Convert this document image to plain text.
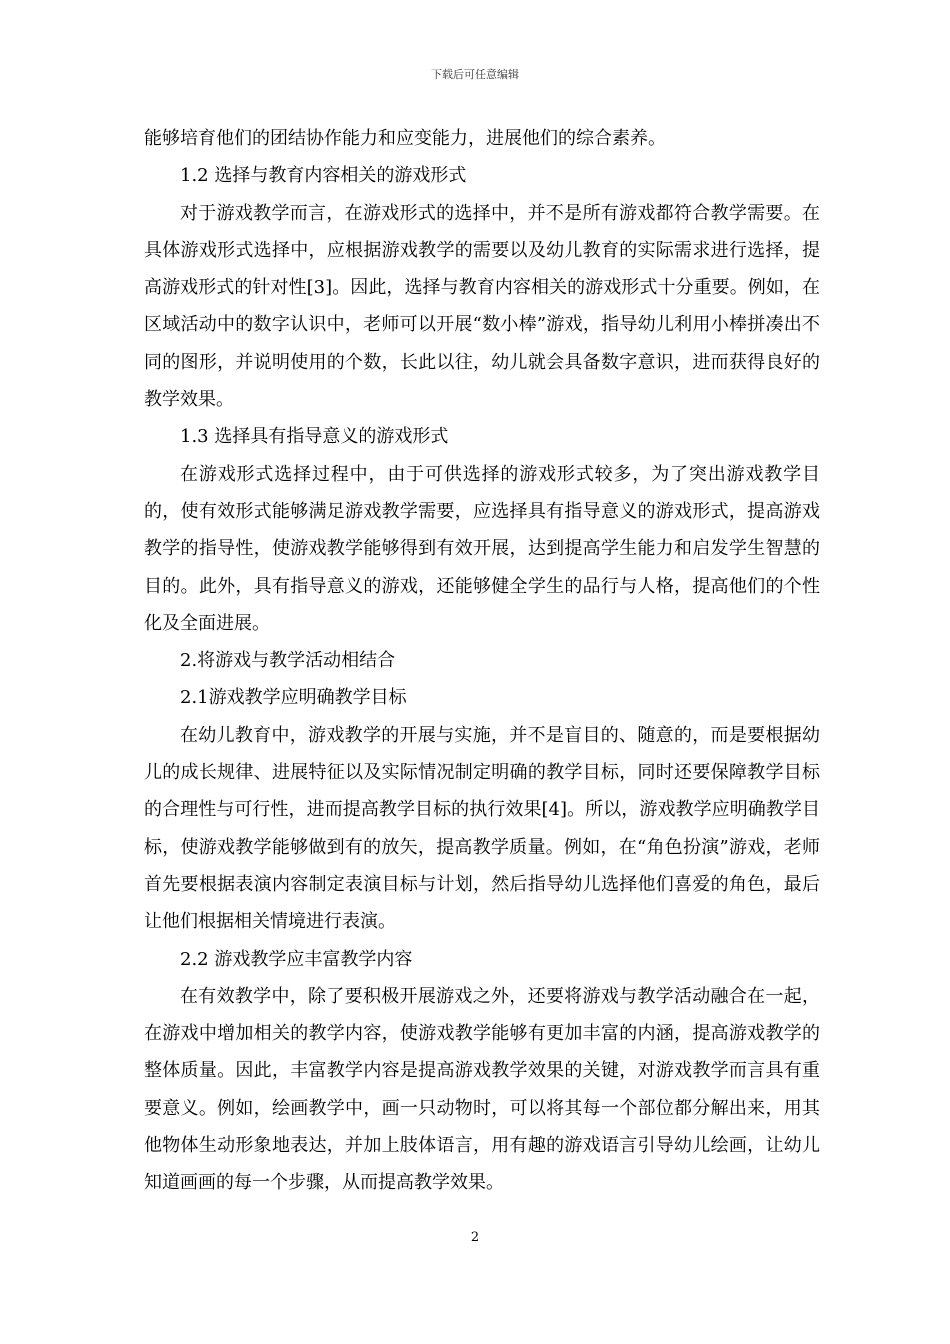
下载后可任意编辑

能够培育他们的团结协作能力和应变能力，进展他们的综合素养。

1.2 选择与教育内容相关的游戏形式

对于游戏教学而言，在游戏形式的选择中，并不是所有游戏都符合教学需要。在具体游戏形式选择中，应根据游戏教学的需要以及幼儿教育的实际需求进行选择，提高游戏形式的针对性[3]。因此，选择与教育内容相关的游戏形式十分重要。例如，在区域活动中的数字认识中，老师可以开展“数小棒”游戏，指导幼儿利用小棒拼凑出不同的图形，并说明使用的个数，长此以往，幼儿就会具备数字意识，进而获得良好的教学效果。

1.3 选择具有指导意义的游戏形式

在游戏形式选择过程中，由于可供选择的游戏形式较多，为了突出游戏教学目的，使有效形式能够满足游戏教学需要，应选择具有指导意义的游戏形式，提高游戏教学的指导性，使游戏教学能够得到有效开展，达到提高学生能力和启发学生智慧的目的。此外，具有指导意义的游戏，还能够健全学生的品行与人格，提高他们的个性化及全面进展。

2.将游戏与教学活动相结合

2.1游戏教学应明确教学目标

在幼儿教育中，游戏教学的开展与实施，并不是盲目的、随意的，而是要根据幼儿的成长规律、进展特征以及实际情况制定明确的教学目标，同时还要保障教学目标的合理性与可行性，进而提高教学目标的执行效果[4]。所以，游戏教学应明确教学目标，使游戏教学能够做到有的放矢，提高教学质量。例如，在“角色扮演”游戏，老师首先要根据表演内容制定表演目标与计划，然后指导幼儿选择他们喜爱的角色，最后让他们根据相关情境进行表演。

2.2 游戏教学应丰富教学内容

在有效教学中，除了要积极开展游戏之外，还要将游戏与教学活动融合在一起，在游戏中增加相关的教学内容，使游戏教学能够有更加丰富的内涵，提高游戏教学的整体质量。因此，丰富教学内容是提高游戏教学效果的关键，对游戏教学而言具有重要意义。例如，绘画教学中，画一只动物时，可以将其每一个部位都分解出来，用其他物体生动形象地表达，并加上肢体语言，用有趣的游戏语言引导幼儿绘画，让幼儿知道画画的每一个步骤，从而提高教学效果。

2
